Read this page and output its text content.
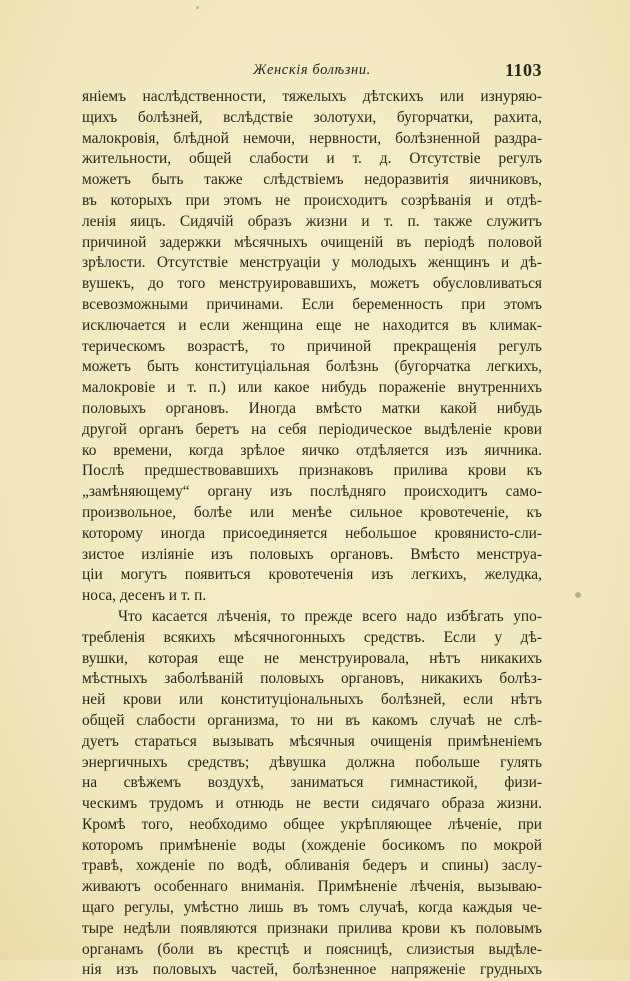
Женскія болѣзни.	1103
яніемъ наслѣдственности, тяжелыхъ дѣтскихъ или изнуряю-
щихъ болѣзней, вслѣдствіе золотухи, бугорчатки, рахита,
малокровія, блѣдной немочи, нервности, болѣзненной раздра-
жительности, общей слабости и т. д. Отсутствіе регулъ
можетъ быть также слѣдствіемъ недоразвитія яичниковъ,
въ которыхъ при этомъ не происходитъ созрѣванія и отдѣ-
ленія яицъ. Сидячій образъ жизни и т. п. также служитъ
причиной задержки мѣсячныхъ очищеній въ періодѣ половой
зрѣлости. Отсутствіе менструаціи у молодыхъ женщинъ и дѣ-
вушекъ, до того менструировавшихъ, можетъ обусловливаться
всевозможными причинами. Если беременность при этомъ
исключается и если женщина еще не находится въ климак-
терическомъ возрастѣ, то причиной прекращенія регулъ
можетъ быть конституціальная болѣзнь (бугорчатка легкихъ,
малокровіе и т. п.) или какое нибудь пораженіе внутреннихъ
половыхъ органовъ. Иногда вмѣсто матки какой нибудь
другой органъ беретъ на себя періодическое выдѣленіе крови
ко времени, когда зрѣлое яичко отдѣляется изъ яичника.
Послѣ предшествовавшихъ признаковъ прилива крови къ
„замѣняющему“ органу изъ послѣдняго происходитъ само-
произвольное, болѣе или менѣе сильное кровотеченіе, къ
которому иногда присоединяется небольшое кровянисто-сли-
зистое изліяніе изъ половыхъ органовъ. Вмѣсто менструа-
ціи могутъ появиться кровотеченія изъ легкихъ, желудка,
носа, десенъ и т. п.
Что касается лѣченія, то прежде всего надо избѣгать упо-
требленія всякихъ мѣсячногонныхъ средствъ. Если у дѣ-
вушки, которая еще не менструировала, нѣтъ никакихъ
мѣстныхъ заболѣваній половыхъ органовъ, никакихъ болѣз-
ней крови или конституціональныхъ болѣзней, если нѣтъ
общей слабости организма, то ни въ какомъ случаѣ не слѣ-
дуетъ стараться вызывать мѣсячныя очищенія примѣненіемъ
энергичныхъ средствъ; дѣвушка должна побольше гулять
на свѣжемъ воздухѣ, заниматься гимнастикой, физи-
ческимъ трудомъ и отнюдь не вести сидячаго образа жизни.
Кромѣ того, необходимо общее укрѣпляющее лѣченіе, при
которомъ примѣненіе воды (хожденіе босикомъ по мокрой
травѣ, хожденіе по водѣ, обливанія бедеръ и спины) заслу-
живаютъ особеннаго вниманія. Примѣненіе лѣченія, вызываю-
щаго регулы, умѣстно лишь въ томъ случаѣ, когда каждыя че-
тыре недѣли появляются признаки прилива крови къ половымъ
органамъ (боли въ крестцѣ и поясницѣ, слизистыя выдѣле-
нія изъ половыхъ частей, болѣзненное напряженіе грудныхъ
